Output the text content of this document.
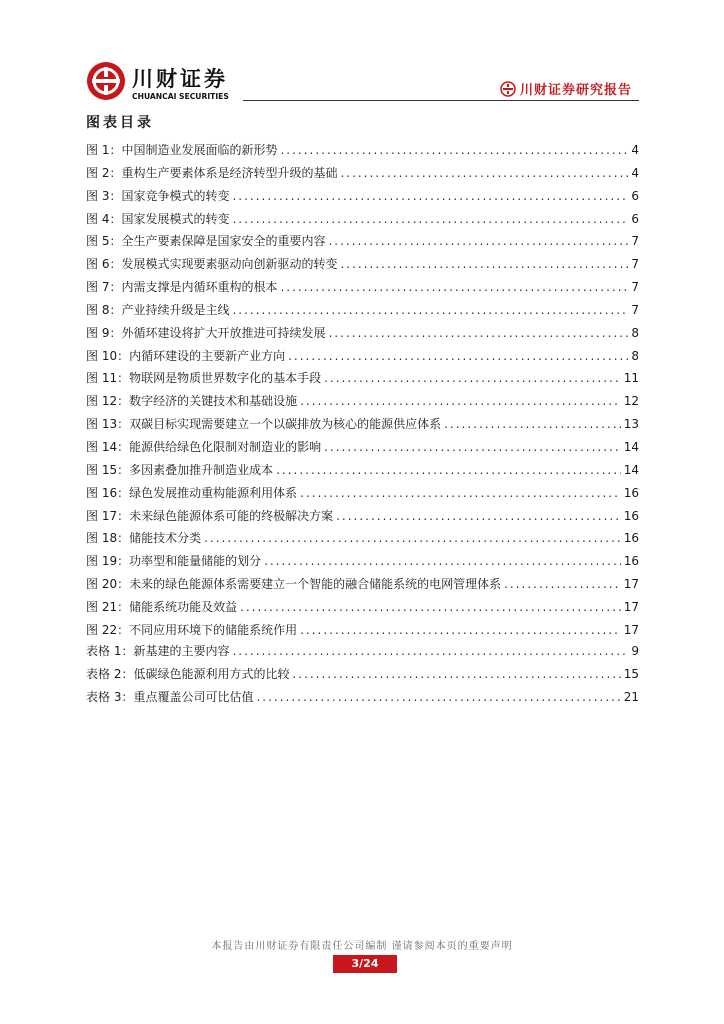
川财证券
CHUANCAI SECURITIES	川财证券研究报告
图表目录
图 1： 中国制造业发展面临的新形势 .....	4
图 2： 重构生产要素体系是经济转型升级的基础 .....	4
图 3： 国家竞争模式的转变 .....	6
图 4： 国家发展模式的转变 .....	6
图 5： 全生产要素保障是国家安全的重要内容 .....	7
图 6： 发展模式实现要素驱动向创新驱动的转变 .....	7
图 7： 内需支撑是内循环重构的根本 .....	7
图 8： 产业持续升级是主线 .....	7
图 9： 外循环建设将扩大开放推进可持续发展 .....	8
图 10： 内循环建设的主要新产业方向 .....	8
图 11： 物联网是物质世界数字化的基本手段 .....	11
图 12： 数字经济的关键技术和基础设施 .....	12
图 13： 双碳目标实现需要建立一个以碳排放为核心的能源供应体系 .....	13
图 14： 能源供给绿色化限制对制造业的影响 .....	14
图 15： 多因素叠加推升制造业成本 .....	14
图 16： 绿色发展推动重构能源利用体系 .....	16
图 17： 未来绿色能源体系可能的终极解决方案 .....	16
图 18： 储能技术分类 .....	16
图 19： 功率型和能量储能的划分 .....	16
图 20： 未来的绿色能源体系需要建立一个智能的融合储能系统的电网管理体系 .....	17
图 21： 储能系统功能及效益 .....	17
图 22： 不同应用环境下的储能系统作用 .....	17
表格 1： 新基建的主要内容 .....	9
表格 2： 低碳绿色能源利用方式的比较 .....	15
表格 3： 重点覆盖公司可比估值 .....	21
本报告由川财证券有限责任公司编制 谨请参阅本页的重要声明
3/24
